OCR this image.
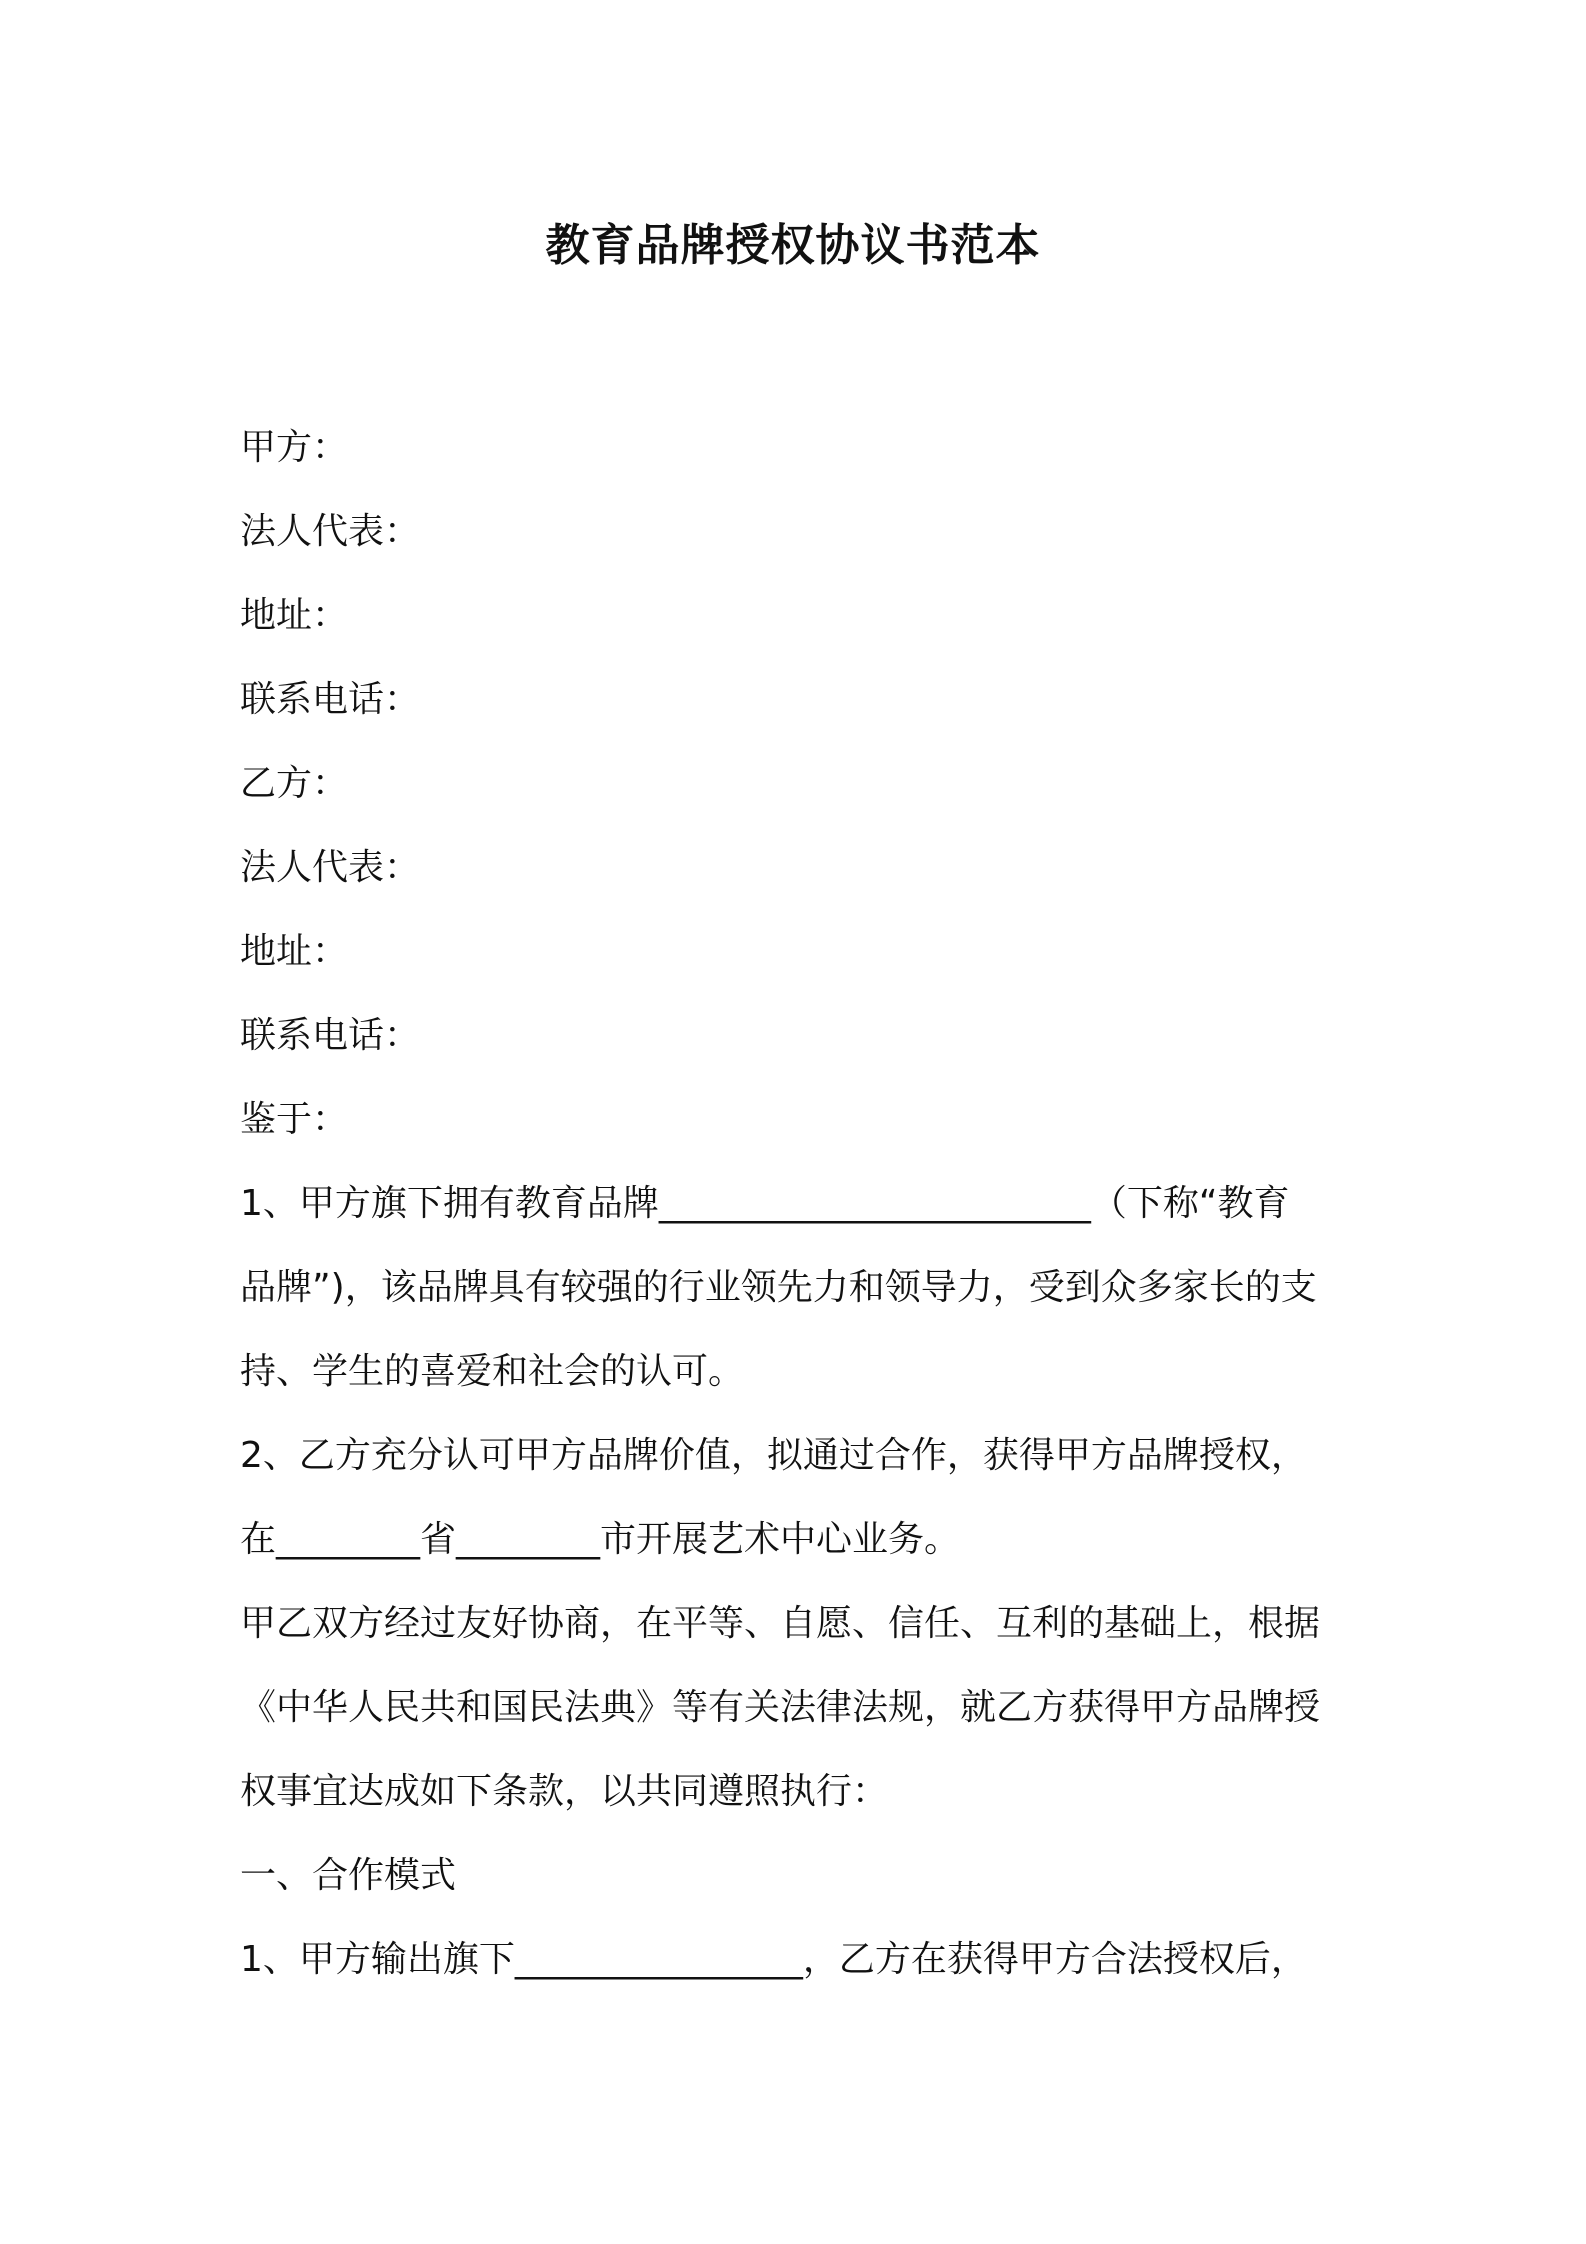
教育品牌授权协议书范本
甲方：
法人代表：
地址：
联系电话：
乙方：
法人代表：
地址：
联系电话：
鉴于：
1、甲方旗下拥有教育品牌________________________（下称“教育
品牌”)，该品牌具有较强的行业领先力和领导力，受到众多家长的支
持、学生的喜爱和社会的认可。
2、乙方充分认可甲方品牌价值，拟通过合作，获得甲方品牌授权，
在________省________市开展艺术中心业务。
甲乙双方经过友好协商，在平等、自愿、信任、互利的基础上，根据
《中华人民共和国民法典》等有关法律法规，就乙方获得甲方品牌授
权事宜达成如下条款，以共同遵照执行：
一、合作模式
1、甲方输出旗下________________，乙方在获得甲方合法授权后，
